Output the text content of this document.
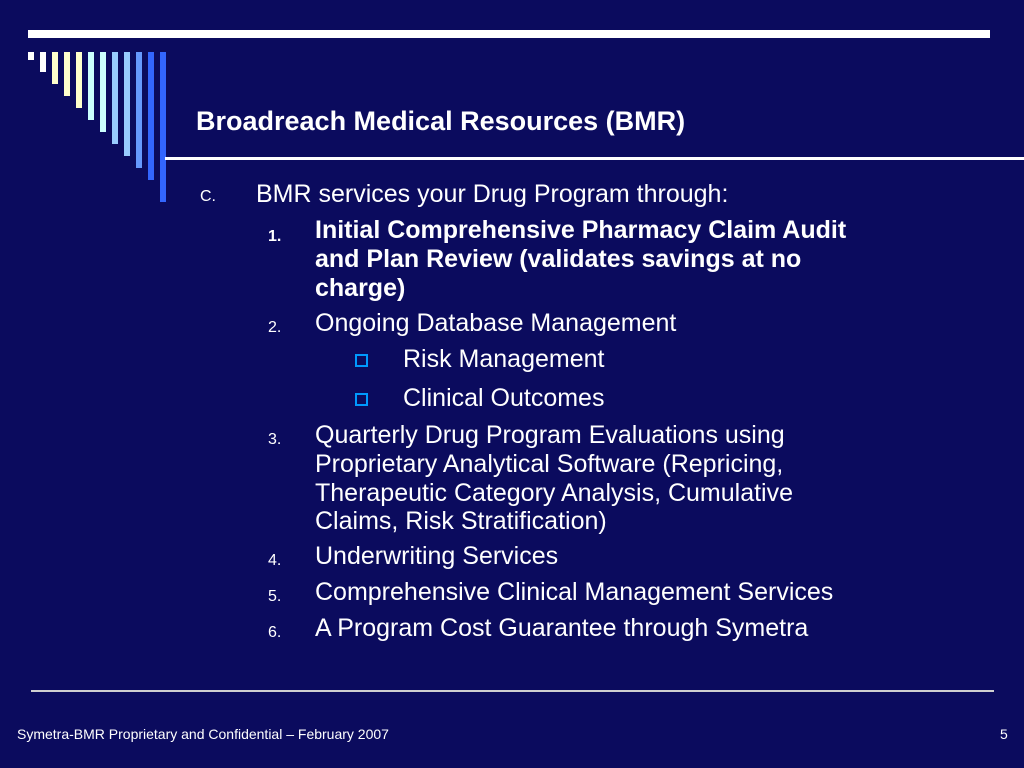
Broadreach Medical Resources (BMR)
C. BMR services your Drug Program through:
1. Initial Comprehensive Pharmacy Claim Audit
and Plan Review (validates savings at no
charge)
2. Ongoing Database Management
Risk Management
Clinical Outcomes
3. Quarterly Drug Program Evaluations using
Proprietary Analytical Software (Repricing,
Therapeutic Category Analysis, Cumulative
Claims, Risk Stratification)
4. Underwriting Services
5. Comprehensive Clinical Management Services
6. A Program Cost Guarantee through Symetra
Symetra-BMR Proprietary and Confidential – February 2007	5
